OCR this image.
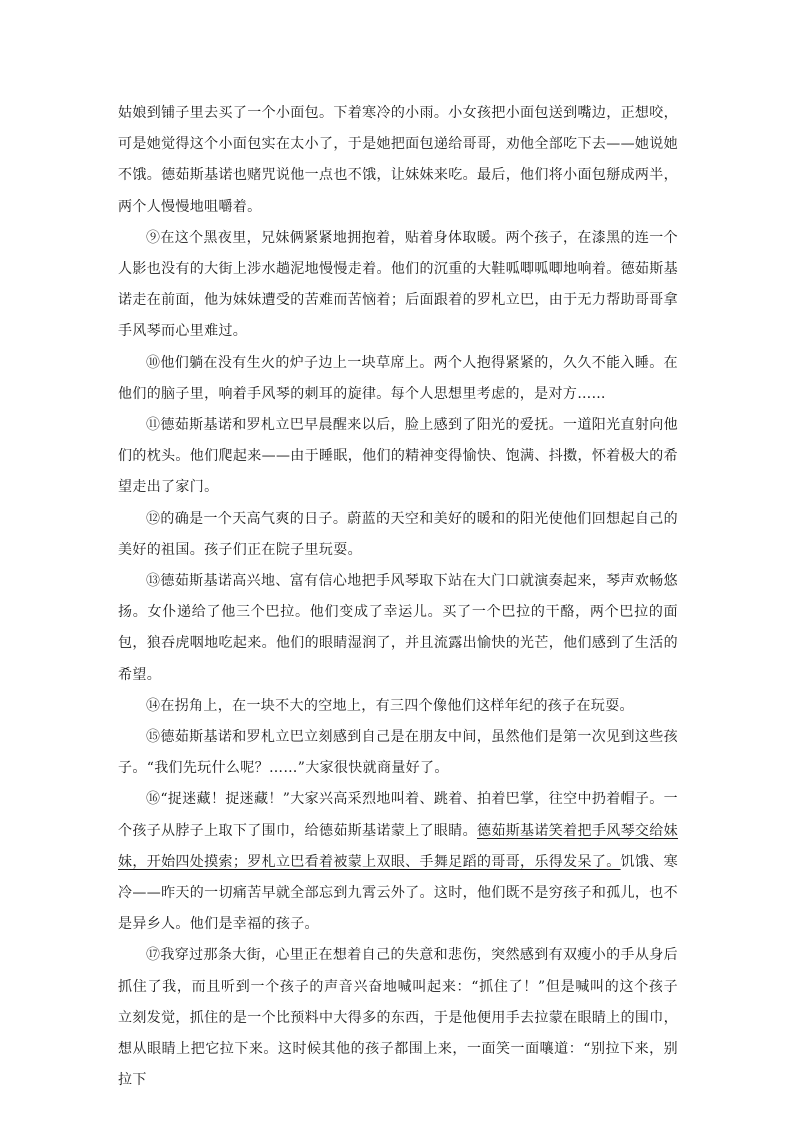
姑娘到铺子里去买了一个小面包。下着寒冷的小雨。小女孩把小面包送到嘴边，正想咬，可是她觉得这个小面包实在太小了，于是她把面包递给哥哥，劝他全部吃下去——她说她不饿。德茹斯基诺也赌咒说他一点也不饿，让妹妹来吃。最后，他们将小面包掰成两半，两个人慢慢地咀嚼着。

⑨在这个黑夜里，兄妹俩紧紧地拥抱着，贴着身体取暖。两个孩子，在漆黑的连一个人影也没有的大街上涉水趟泥地慢慢走着。他们的沉重的大鞋呱唧呱唧地响着。德茹斯基诺走在前面，他为妹妹遭受的苦难而苦恼着；后面跟着的罗札立巴，由于无力帮助哥哥拿手风琴而心里难过。

⑩他们躺在没有生火的炉子边上一块草席上。两个人抱得紧紧的，久久不能入睡。在他们的脑子里，响着手风琴的刺耳的旋律。每个人思想里考虑的，是对方……

⑪德茹斯基诺和罗札立巴早晨醒来以后，脸上感到了阳光的爱抚。一道阳光直射向他们的枕头。他们爬起来——由于睡眠，他们的精神变得愉快、饱满、抖擞，怀着极大的希望走出了家门。

⑫的确是一个天高气爽的日子。蔚蓝的天空和美好的暖和的阳光使他们回想起自己的美好的祖国。孩子们正在院子里玩耍。

⑬德茹斯基诺高兴地、富有信心地把手风琴取下站在大门口就演奏起来，琴声欢畅悠扬。女仆递给了他三个巴拉。他们变成了幸运儿。买了一个巴拉的干酪，两个巴拉的面包，狼吞虎咽地吃起来。他们的眼睛湿润了，并且流露出愉快的光芒，他们感到了生活的希望。

⑭在拐角上，在一块不大的空地上，有三四个像他们这样年纪的孩子在玩耍。

⑮德茹斯基诺和罗札立巴立刻感到自己是在朋友中间，虽然他们是第一次见到这些孩子。“我们先玩什么呢？……”大家很快就商量好了。

⑯“捉迷藏！捉迷藏！”大家兴高采烈地叫着、跳着、拍着巴掌，往空中扔着帽子。一个孩子从脖子上取下了围巾，给德茹斯基诺蒙上了眼睛。德茹斯基诺笑着把手风琴交给妹妹，开始四处摸索；罗札立巴看着被蒙上双眼、手舞足蹈的哥哥，乐得发呆了。饥饿、寒冷——昨天的一切痛苦早就全部忘到九霄云外了。这时，他们既不是穷孩子和孤儿，也不是异乡人。他们是幸福的孩子。

⑰我穿过那条大街，心里正在想着自己的失意和悲伤，突然感到有双瘦小的手从身后抓住了我，而且听到一个孩子的声音兴奋地喊叫起来：“抓住了！”但是喊叫的这个孩子立刻发觉，抓住的是一个比预料中大得多的东西，于是他便用手去拉蒙在眼睛上的围巾，想从眼睛上把它拉下来。这时候其他的孩子都围上来，一面笑一面嚷道：“别拉下来，别拉下
